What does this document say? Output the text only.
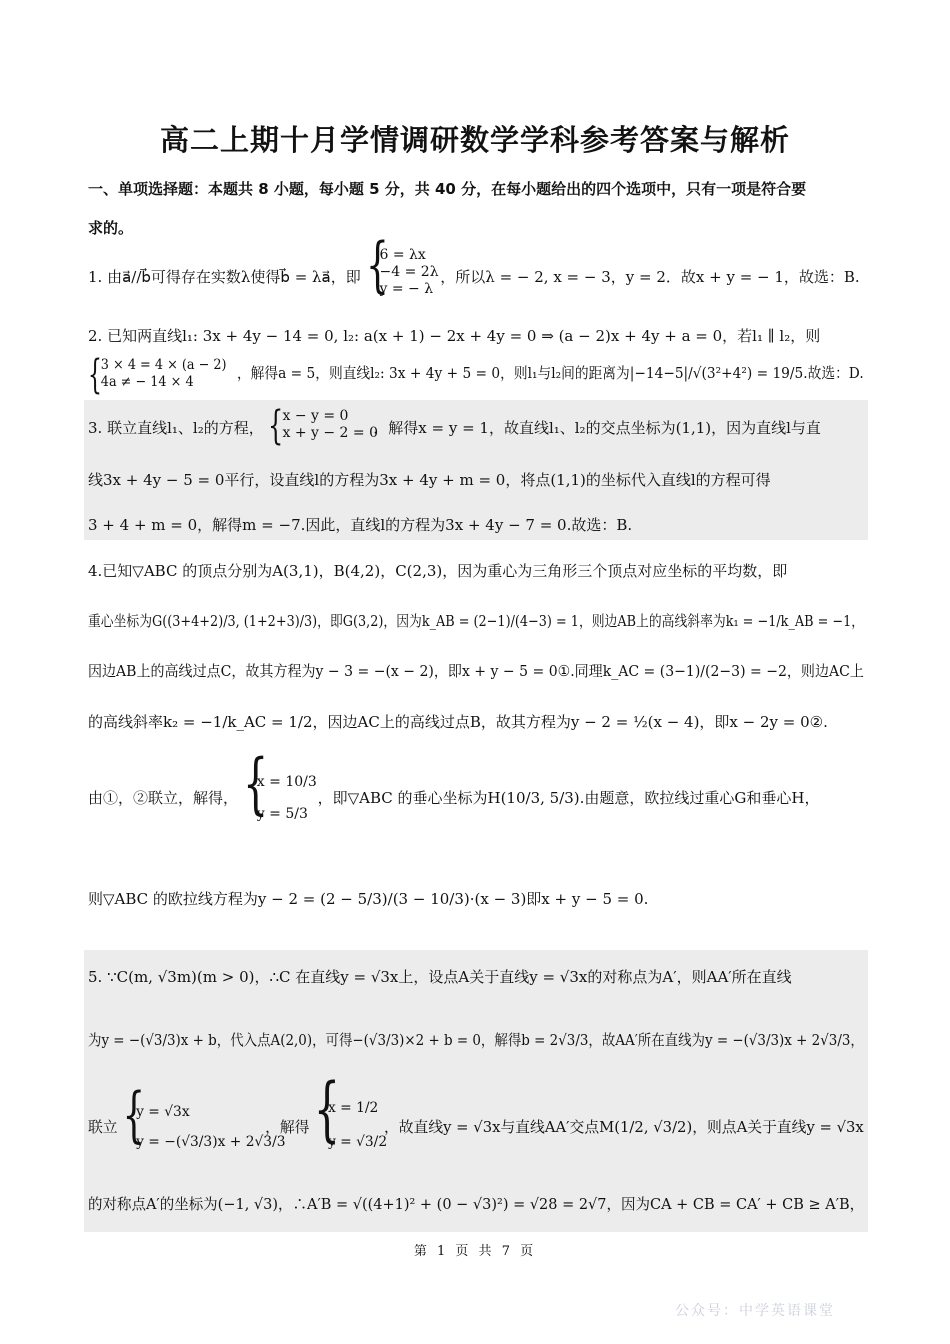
高二上期十月学情调研数学学科参考答案与解析
一、单项选择题：本题共 8 小题，每小题 5 分，共 40 分，在每小题给出的四个选项中，只有一项是符合要
求的。
1. 由a⃗//b⃗可得存在实数λ使得b⃗ = λa⃗，即 {
6 = λx
−4 = 2λ
y = − λ
，所以λ = − 2, x = − 3，y = 2．故x + y = − 1，故选：B.
2. 已知两直线l₁: 3x + 4y − 14 = 0, l₂: a(x + 1) − 2x + 4y = 0 ⇒ (a − 2)x + 4y + a = 0，若l₁ ∥ l₂，则
{
3 × 4 = 4 × (a − 2)
4a ≠ − 14 × 4	，解得a = 5，则直线l₂: 3x + 4y + 5 = 0，则l₁与l₂间的距离为|−14−5|/√(3²+4²) = 19/5.故选：D.
3. 联立直线l₁、l₂的方程， {
x − y = 0
x + y − 2 = 0
，解得x = y = 1，故直线l₁、l₂的交点坐标为(1,1)，因为直线l与直
线3x + 4y − 5 = 0平行，设直线l的方程为3x + 4y + m = 0，将点(1,1)的坐标代入直线l的方程可得
3 + 4 + m = 0，解得m = −7.因此，直线l的方程为3x + 4y − 7 = 0.故选：B.
4.已知▽ABC 的顶点分别为A(3,1)，B(4,2)，C(2,3)，因为重心为三角形三个顶点对应坐标的平均数，即
重心坐标为G((3+4+2)/3, (1+2+3)/3)，即G(3,2)，因为k_AB = (2−1)/(4−3) = 1，则边AB上的高线斜率为k₁ = −1/k_AB = −1，
因边AB上的高线过点C，故其方程为y − 3 = −(x − 2)，即x + y − 5 = 0①.同理k_AC = (3−1)/(2−3) = −2，则边AC上
的高线斜率k₂ = −1/k_AC = 1/2，因边AC上的高线过点B，故其方程为y − 2 = ½(x − 4)，即x − 2y = 0②.
由①，②联立，解得， {
x = 10/3
y = 5/3
，即▽ABC 的垂心坐标为H(10/3, 5/3).由题意，欧拉线过重心G和垂心H，
则▽ABC 的欧拉线方程为y − 2 = (2 − 5/3)/(3 − 10/3)·(x − 3)即x + y − 5 = 0.
5. ∵C(m, √3m)(m > 0)，∴C 在直线y = √3x上，设点A关于直线y = √3x的对称点为A′，则AA′所在直线
为y = −(√3/3)x + b，代入点A(2,0)，可得−(√3/3)×2 + b = 0，解得b = 2√3/3，故AA′所在直线为y = −(√3/3)x + 2√3/3，
联立 {
y = √3x
y = −(√3/3)x + 2√3/3
，解得 {
x = 1/2
y = √3/2
，故直线y = √3x与直线AA′交点M(1/2, √3/2)，则点A关于直线y = √3x
的对称点A′的坐标为(−1, √3)，∴A′B = √((4+1)² + (0 − √3)²) = √28 = 2√7，因为CA + CB = CA′ + CB ≥ A′B，
第 1 页 共 7 页
公众号：中学英语课堂
